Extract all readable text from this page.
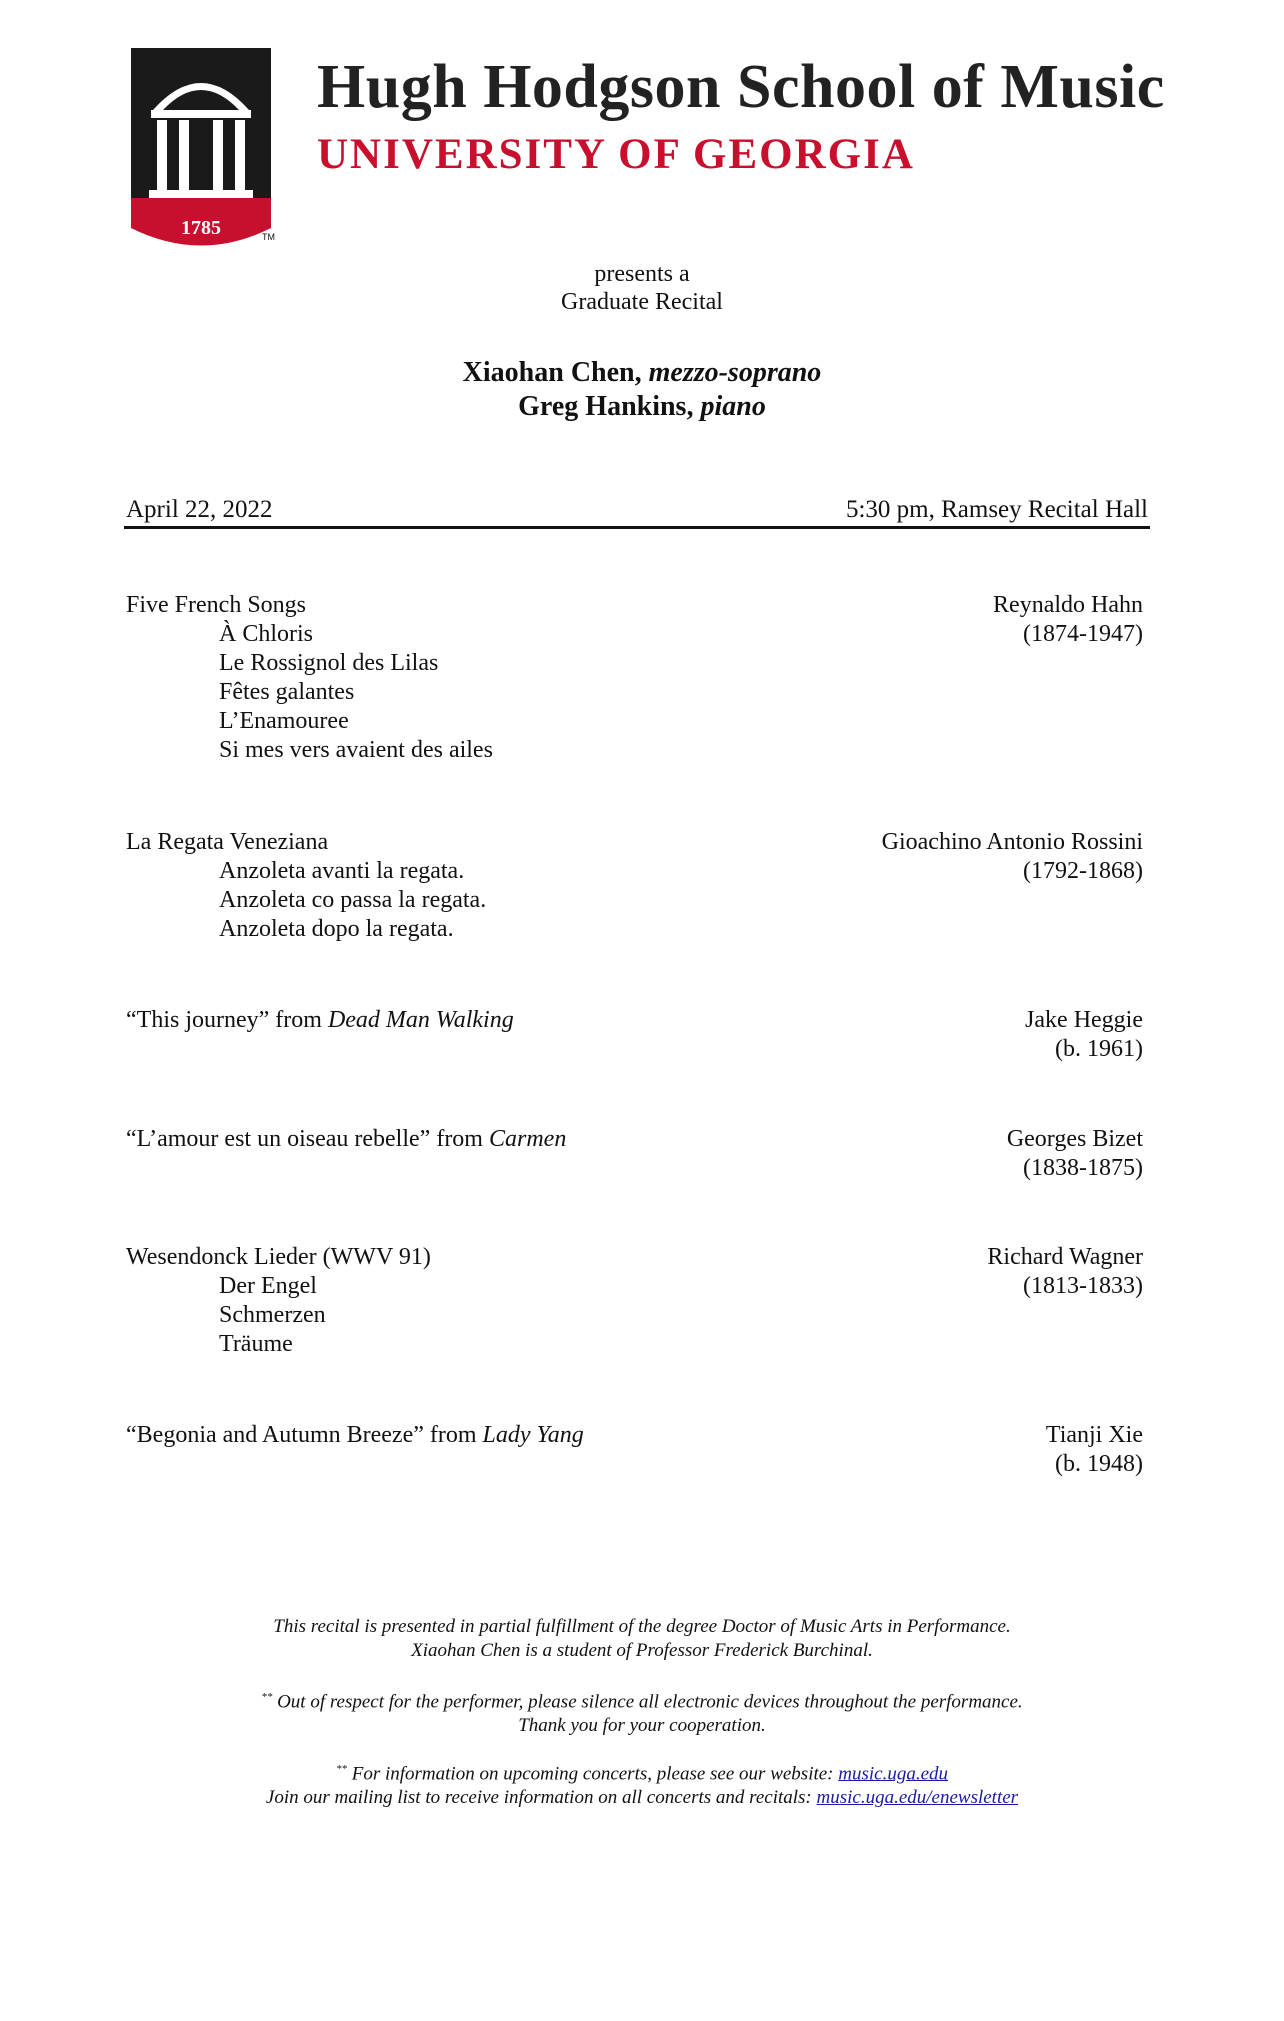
1785	TM
Hugh Hodgson School of Music
UNIVERSITY OF GEORGIA
presents a
Graduate Recital
Xiaohan Chen, mezzo-soprano
Greg Hankins, piano
April 22, 2022	5:30 pm, Ramsey Recital Hall
Five French Songs	Reynaldo Hahn
À Chloris	(1874-1947)
Le Rossignol des Lilas
Fêtes galantes
L’Enamouree
Si mes vers avaient des ailes
La Regata Veneziana	Gioachino Antonio Rossini
Anzoleta avanti la regata.	(1792-1868)
Anzoleta co passa la regata.
Anzoleta dopo la regata.
“This journey” from Dead Man Walking	Jake Heggie
(b. 1961)
“L’amour est un oiseau rebelle” from Carmen	Georges Bizet
(1838-1875)
Wesendonck Lieder (WWV 91)	Richard Wagner
Der Engel	(1813-1833)
Schmerzen
Träume
“Begonia and Autumn Breeze” from Lady Yang	Tianji Xie
(b. 1948)
This recital is presented in partial fulfillment of the degree Doctor of Music Arts in Performance.
Xiaohan Chen is a student of Professor Frederick Burchinal.
** Out of respect for the performer, please silence all electronic devices throughout the performance.
Thank you for your cooperation.
** For information on upcoming concerts, please see our website: music.uga.edu
Join our mailing list to receive information on all concerts and recitals: music.uga.edu/enewsletter
